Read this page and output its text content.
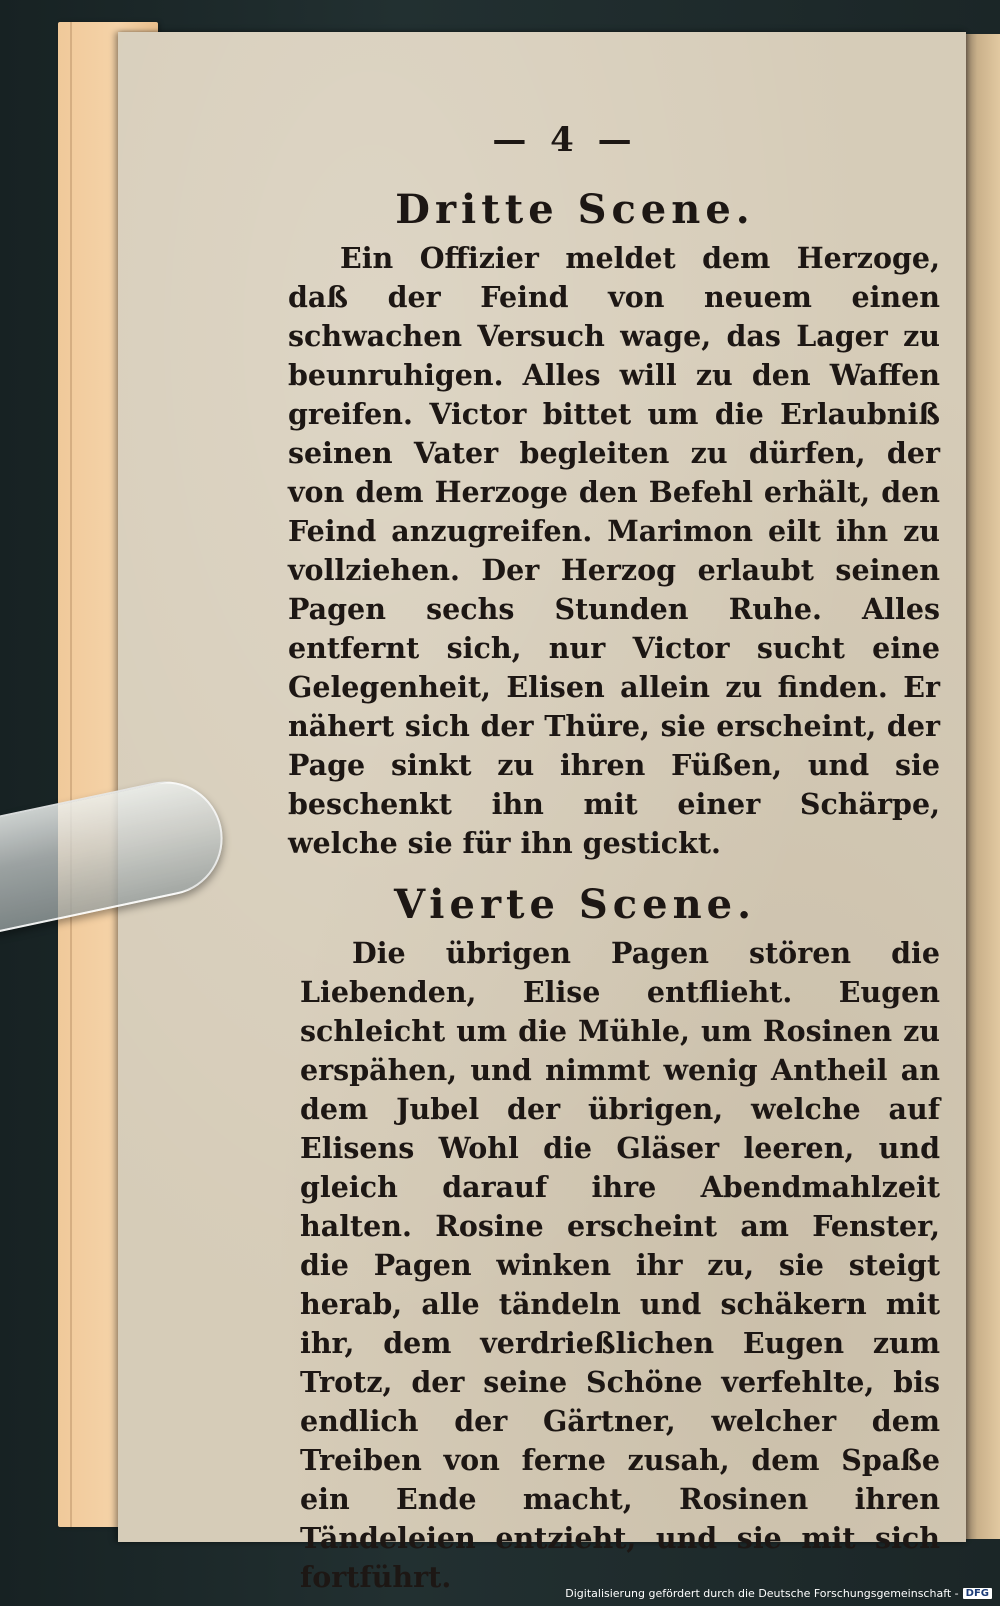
— 4 —
Dritte Scene.

Ein Offizier meldet dem Herzoge, daß der Feind von neuem einen schwachen Versuch wage, das Lager zu beunruhigen. Alles will zu den Waffen greifen. Victor bittet um die Erlaubniß seinen Vater begleiten zu dürfen, der von dem Herzoge den Befehl erhält, den Feind anzugreifen. Marimon eilt ihn zu vollziehen. Der Herzog erlaubt seinen Pagen sechs Stunden Ruhe. Alles entfernt sich, nur Victor sucht eine Gelegenheit, Elisen allein zu finden. Er nähert sich der Thüre, sie erscheint, der Page sinkt zu ihren Füßen, und sie beschenkt ihn mit einer Schärpe, welche sie für ihn gestickt.

Vierte Scene.

Die übrigen Pagen stören die Liebenden, Elise entflieht. Eugen schleicht um die Mühle, um Rosinen zu erspähen, und nimmt wenig Antheil an dem Jubel der übrigen, welche auf Elisens Wohl die Gläser leeren, und gleich darauf ihre Abendmahlzeit halten. Rosine erscheint am Fenster, die Pagen winken ihr zu, sie steigt herab, alle tändeln und schäkern mit ihr, dem verdrießlichen Eugen zum Trotz, der seine Schöne verfehlte, bis endlich der Gärtner, welcher dem Treiben von ferne zusah, dem Spaße ein Ende macht, Rosinen ihren Tändeleien entzieht, und sie mit sich fortführt.	Digitalisierung gefördert durch die Deutsche Forschungsgemeinschaft - DFG
